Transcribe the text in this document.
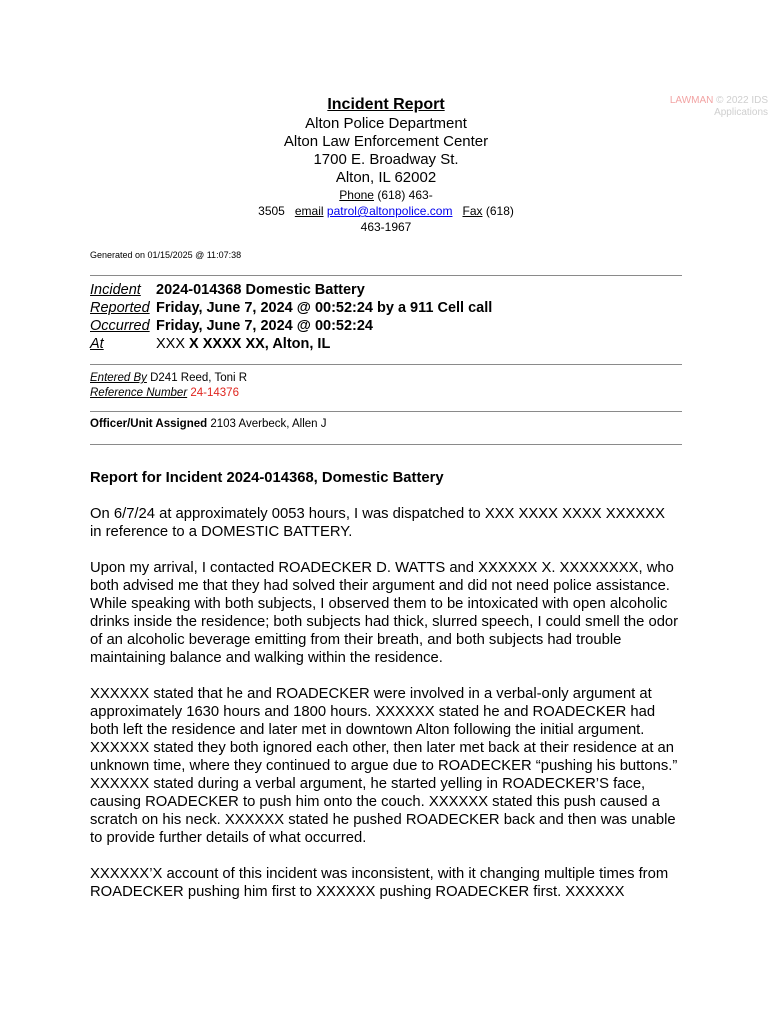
LAWMAN © 2022 IDS Applications
Incident Report
Alton Police Department
Alton Law Enforcement Center
1700 E. Broadway St.
Alton, IL 62002
Phone (618) 463-
3505 email patrol@altonpolice.com Fax (618)
463-1967
Generated on 01/15/2025 @ 11:07:38
Incident	2024-014368 Domestic Battery
Reported Friday, June 7, 2024 @ 00:52:24 by a 911 Cell call
Occurred Friday, June 7, 2024 @ 00:52:24
At	XXX X XXXX XX, Alton, IL
Entered By D241 Reed, Toni R
Reference Number 24-14376
Officer/Unit Assigned 2103 Averbeck, Allen J
Report for Incident 2024-014368, Domestic Battery

On 6/7/24 at approximately 0053 hours, I was dispatched to XXX XXXX XXXX XXXXXX in reference to a DOMESTIC BATTERY.

Upon my arrival, I contacted ROADECKER D. WATTS and XXXXXX X. XXXXXXXX, who both advised me that they had solved their argument and did not need police assistance. While speaking with both subjects, I observed them to be intoxicated with open alcoholic drinks inside the residence; both subjects had thick, slurred speech, I could smell the odor of an alcoholic beverage emitting from their breath, and both subjects had trouble maintaining balance and walking within the residence.

XXXXXX stated that he and ROADECKER were involved in a verbal-only argument at approximately 1630 hours and 1800 hours. XXXXXX stated he and ROADECKER had both left the residence and later met in downtown Alton following the initial argument. XXXXXX stated they both ignored each other, then later met back at their residence at an unknown time, where they continued to argue due to ROADECKER “pushing his buttons.” XXXXXX stated during a verbal argument, he started yelling in ROADECKER’S face, causing ROADECKER to push him onto the couch. XXXXXX stated this push caused a scratch on his neck. XXXXXX stated he pushed ROADECKER back and then was unable to provide further details of what occurred.

XXXXXX’X account of this incident was inconsistent, with it changing multiple times from ROADECKER pushing him first to XXXXXX pushing ROADECKER first. XXXXXX
